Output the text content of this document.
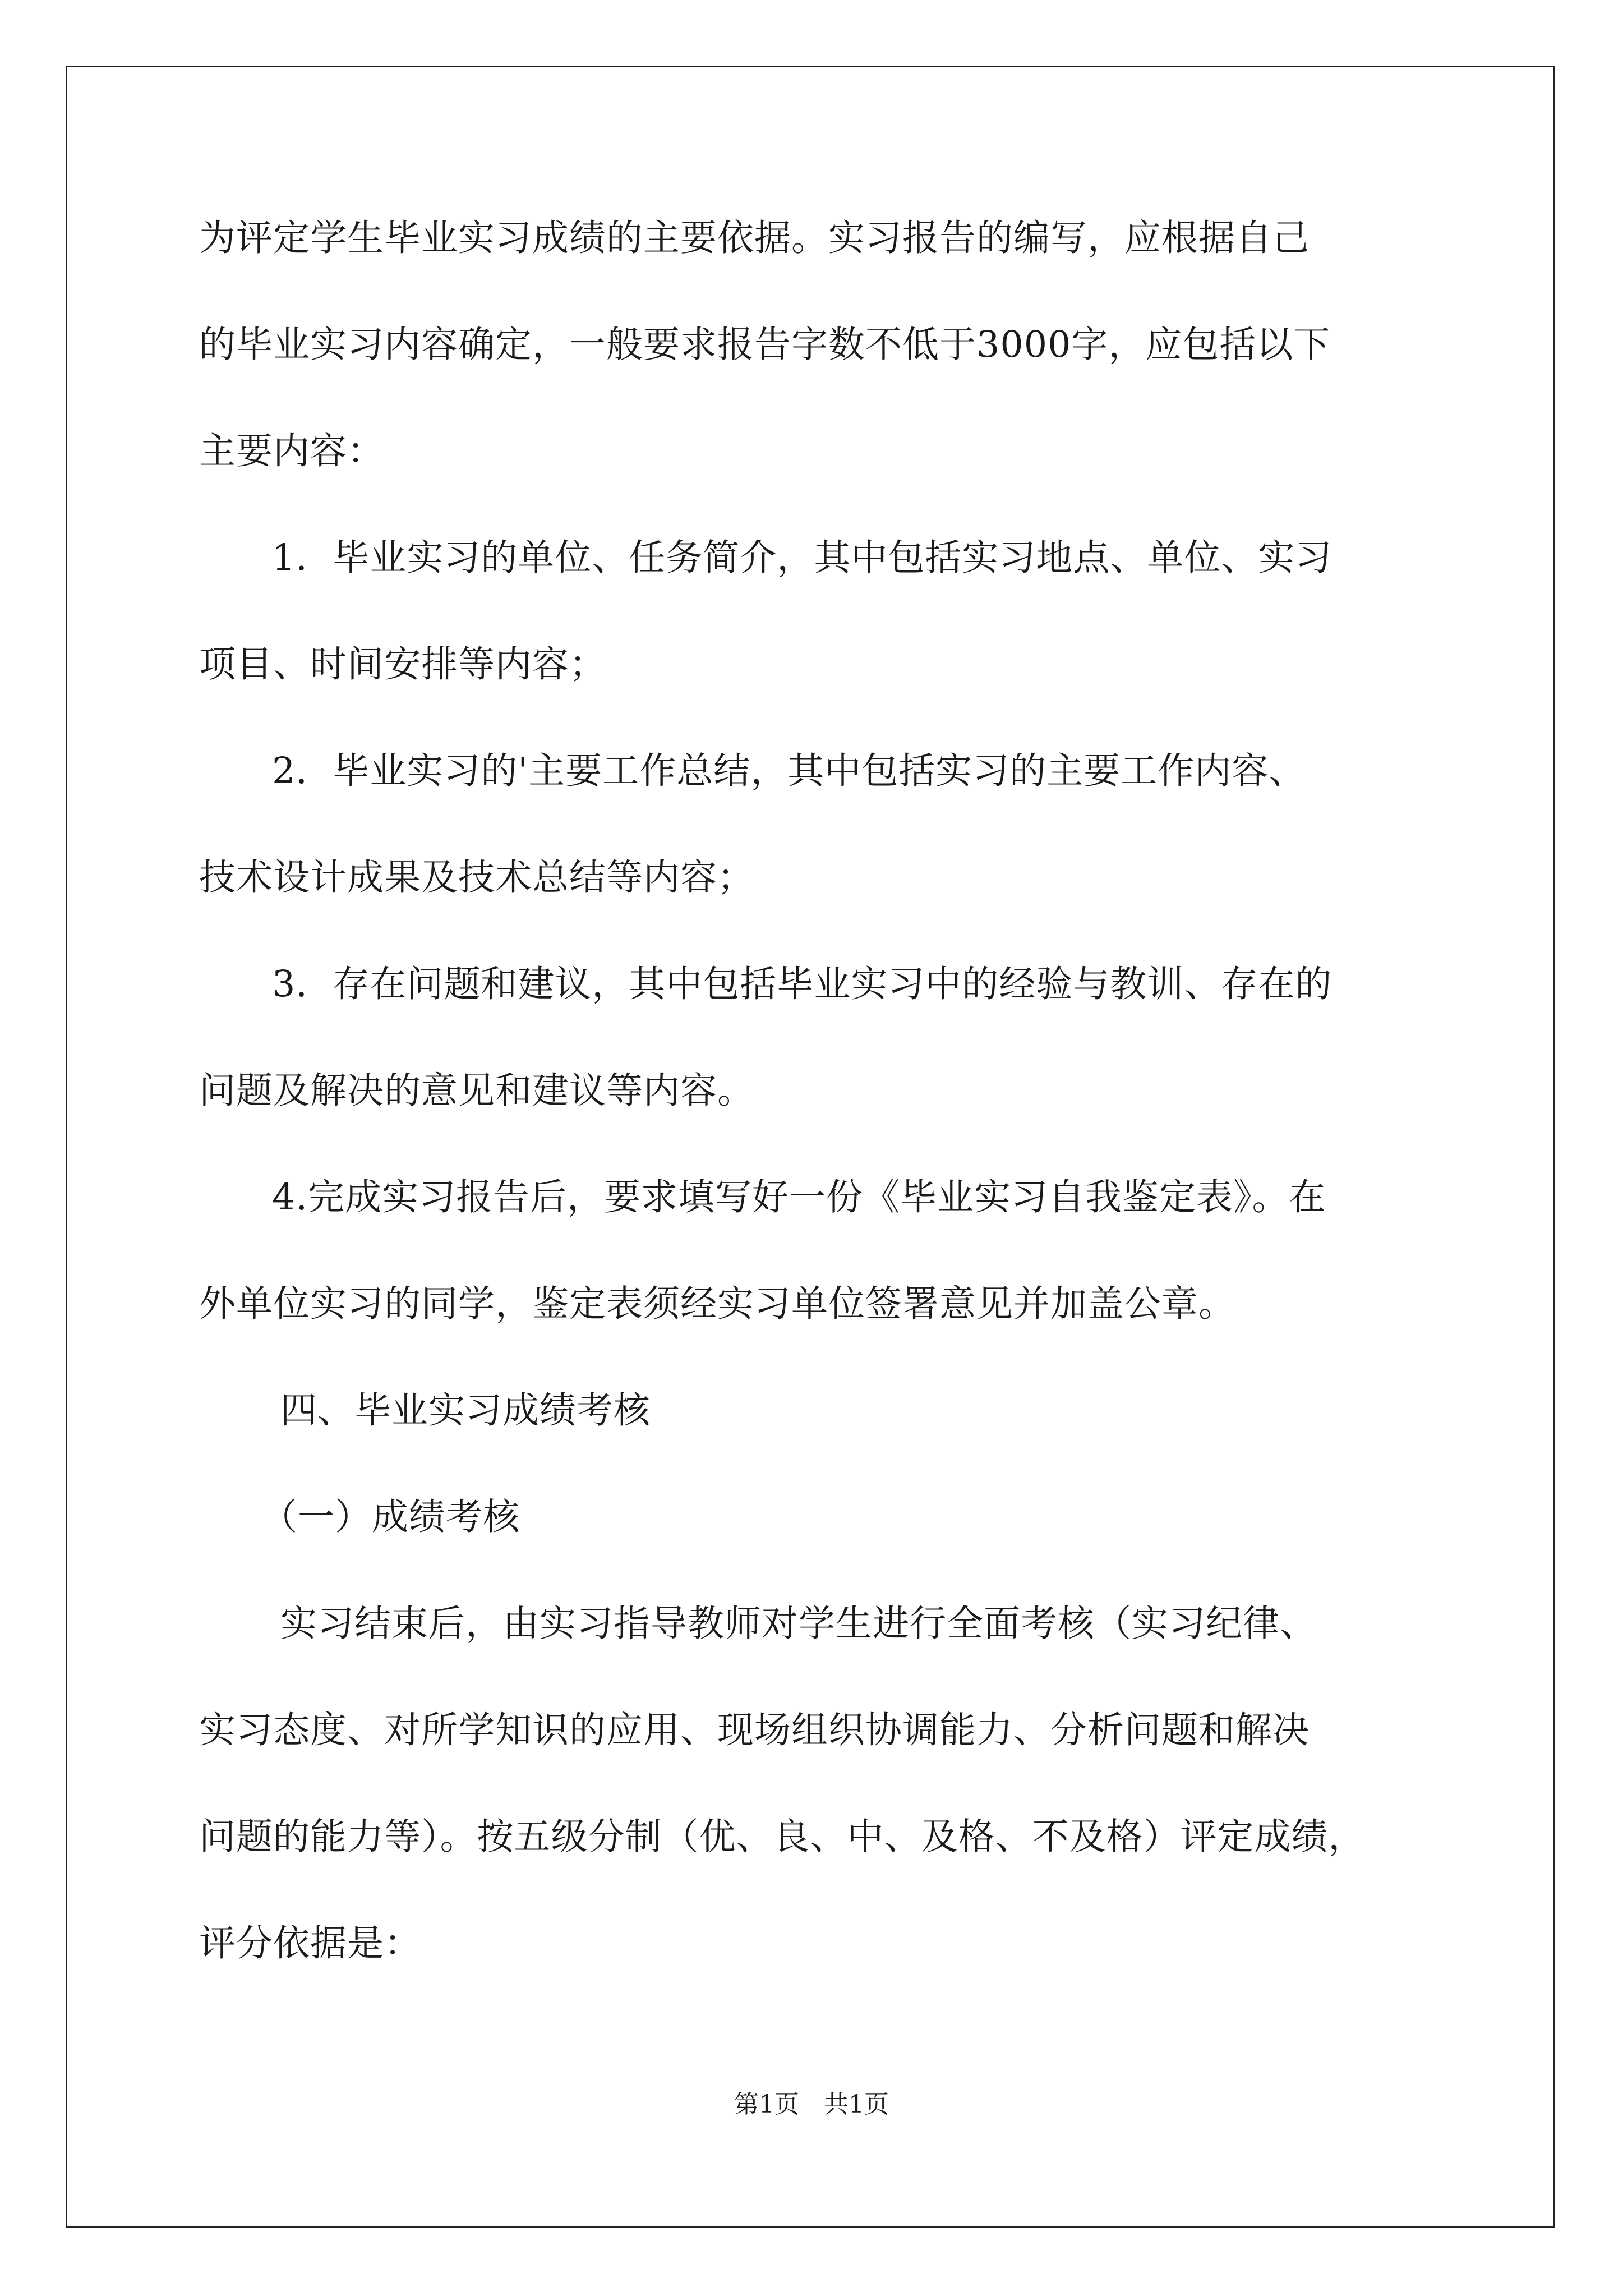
为评定学生毕业实习成绩的主要依据。实习报告的编写，应根据自己
的毕业实习内容确定，一般要求报告字数不低于3000字，应包括以下
主要内容：
1．毕业实习的单位、任务简介，其中包括实习地点、单位、实习
项目、时间安排等内容；
2．毕业实习的'主要工作总结，其中包括实习的主要工作内容、
技术设计成果及技术总结等内容；
3．存在问题和建议，其中包括毕业实习中的经验与教训、存在的
问题及解决的意见和建议等内容。
4.完成实习报告后，要求填写好一份《毕业实习自我鉴定表》。在
外单位实习的同学，鉴定表须经实习单位签署意见并加盖公章。
四、毕业实习成绩考核
（一）成绩考核
实习结束后，由实习指导教师对学生进行全面考核（实习纪律、
实习态度、对所学知识的应用、现场组织协调能力、分析问题和解决
问题的能力等）。按五级分制（优、良、中、及格、不及格）评定成绩，
评分依据是：
第1页　共1页
